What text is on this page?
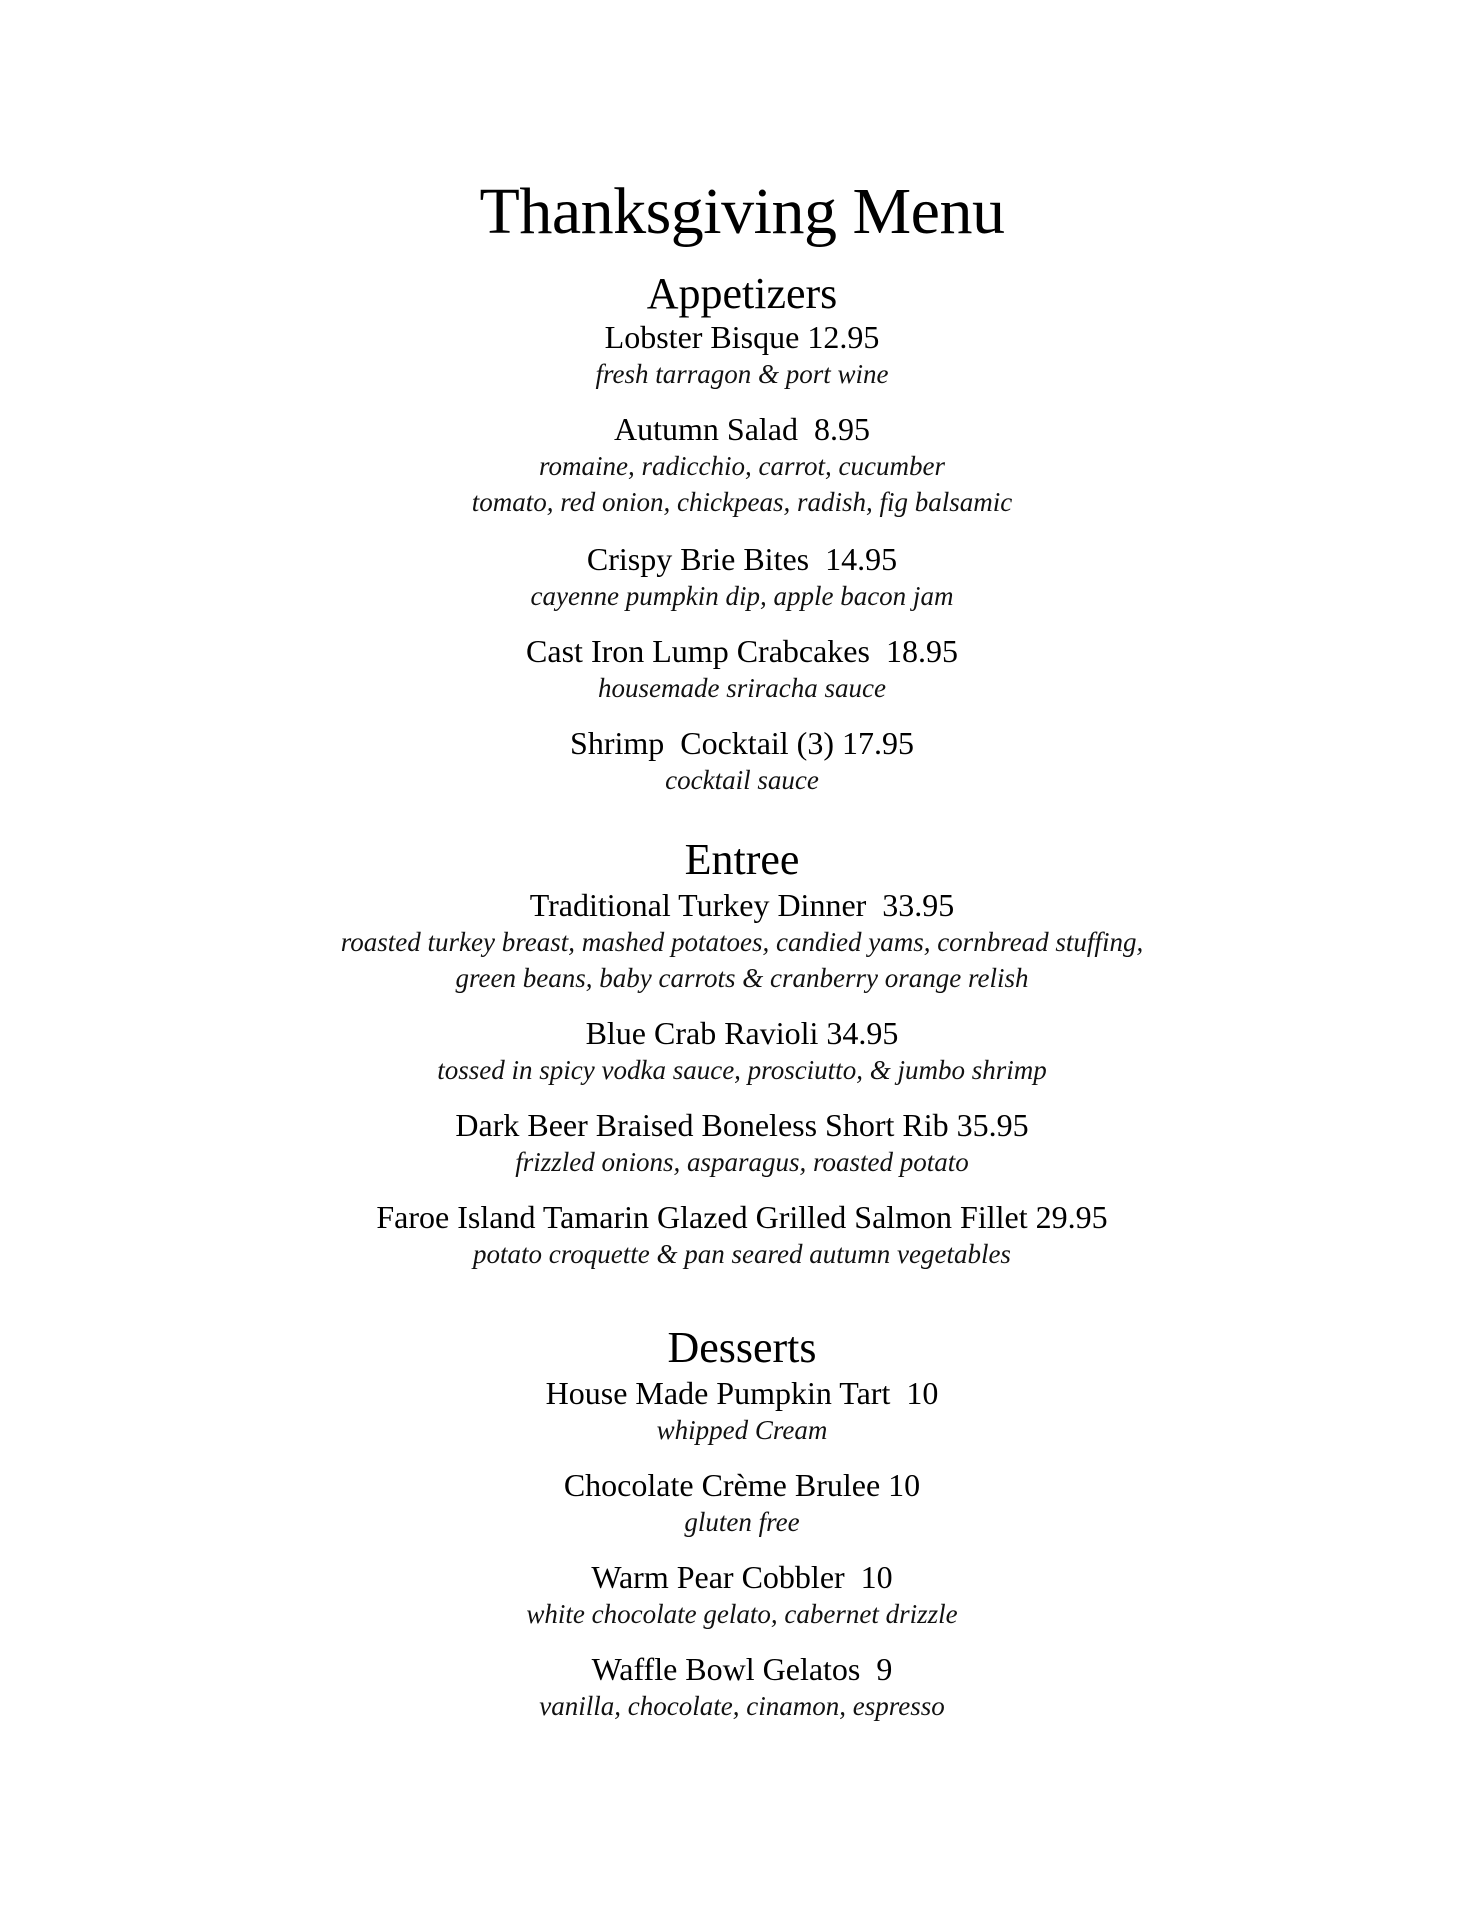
Thanksgiving Menu
Appetizers
Lobster Bisque 12.95
fresh tarragon & port wine
Autumn Salad  8.95
romaine, radicchio, carrot, cucumber
tomato, red onion, chickpeas, radish, fig balsamic
Crispy Brie Bites  14.95
cayenne pumpkin dip, apple bacon jam
Cast Iron Lump Crabcakes  18.95
housemade sriracha sauce
Shrimp  Cocktail (3) 17.95
cocktail sauce
Entree
Traditional Turkey Dinner  33.95
roasted turkey breast, mashed potatoes, candied yams, cornbread stuffing,
green beans, baby carrots & cranberry orange relish
Blue Crab Ravioli 34.95
tossed in spicy vodka sauce, prosciutto, & jumbo shrimp
Dark Beer Braised Boneless Short Rib 35.95
frizzled onions, asparagus, roasted potato
Faroe Island Tamarin Glazed Grilled Salmon Fillet 29.95
potato croquette & pan seared autumn vegetables
Desserts
House Made Pumpkin Tart  10
whipped Cream
Chocolate Crème Brulee 10
gluten free
Warm Pear Cobbler  10
white chocolate gelato, cabernet drizzle
Waffle Bowl Gelatos  9
vanilla, chocolate, cinamon, espresso
